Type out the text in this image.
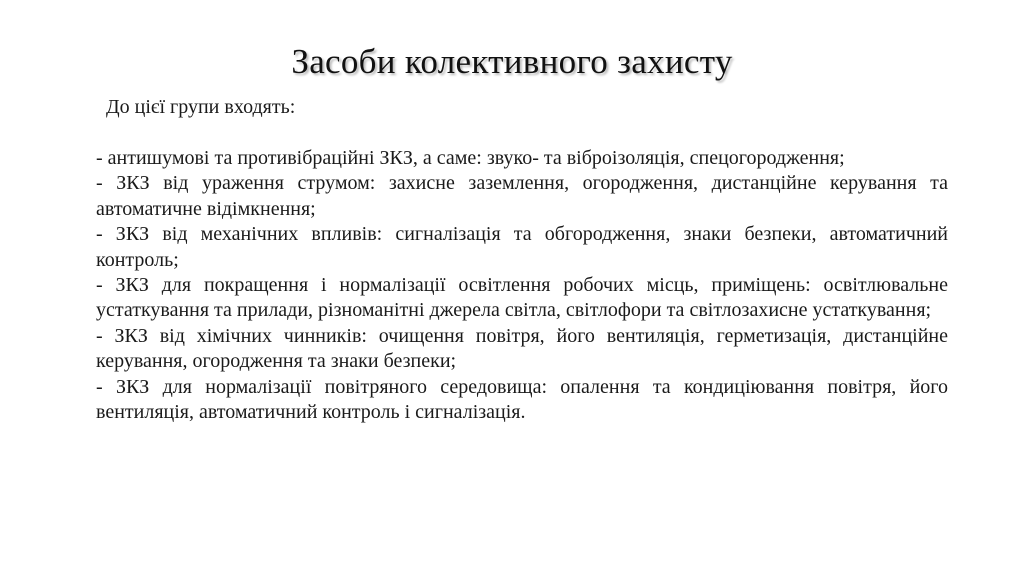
Засоби колективного захисту
До цієї групи входять:

- антишумові та противібраційні ЗКЗ, а саме: звуко- та віброізоляція, спецогородження;

- ЗКЗ від ураження струмом: захисне заземлення, огородження, дистанційне керування та автоматичне відімкнення;

- ЗКЗ від механічних впливів: сигналізація та обгородження, знаки безпеки, автоматичний контроль;

- ЗКЗ для покращення і нормалізації освітлення робочих місць, приміщень: освітлювальне устаткування та прилади, різноманітні джерела світла, світлофори та світлозахисне устаткування;

- ЗКЗ від хімічних чинників: очищення повітря, його вентиляція, герметизація, дистанційне керування, огородження та знаки безпеки;

- ЗКЗ для нормалізації повітряного середовища: опалення та кондиціювання повітря, його вентиляція, автоматичний контроль і сигналізація.
